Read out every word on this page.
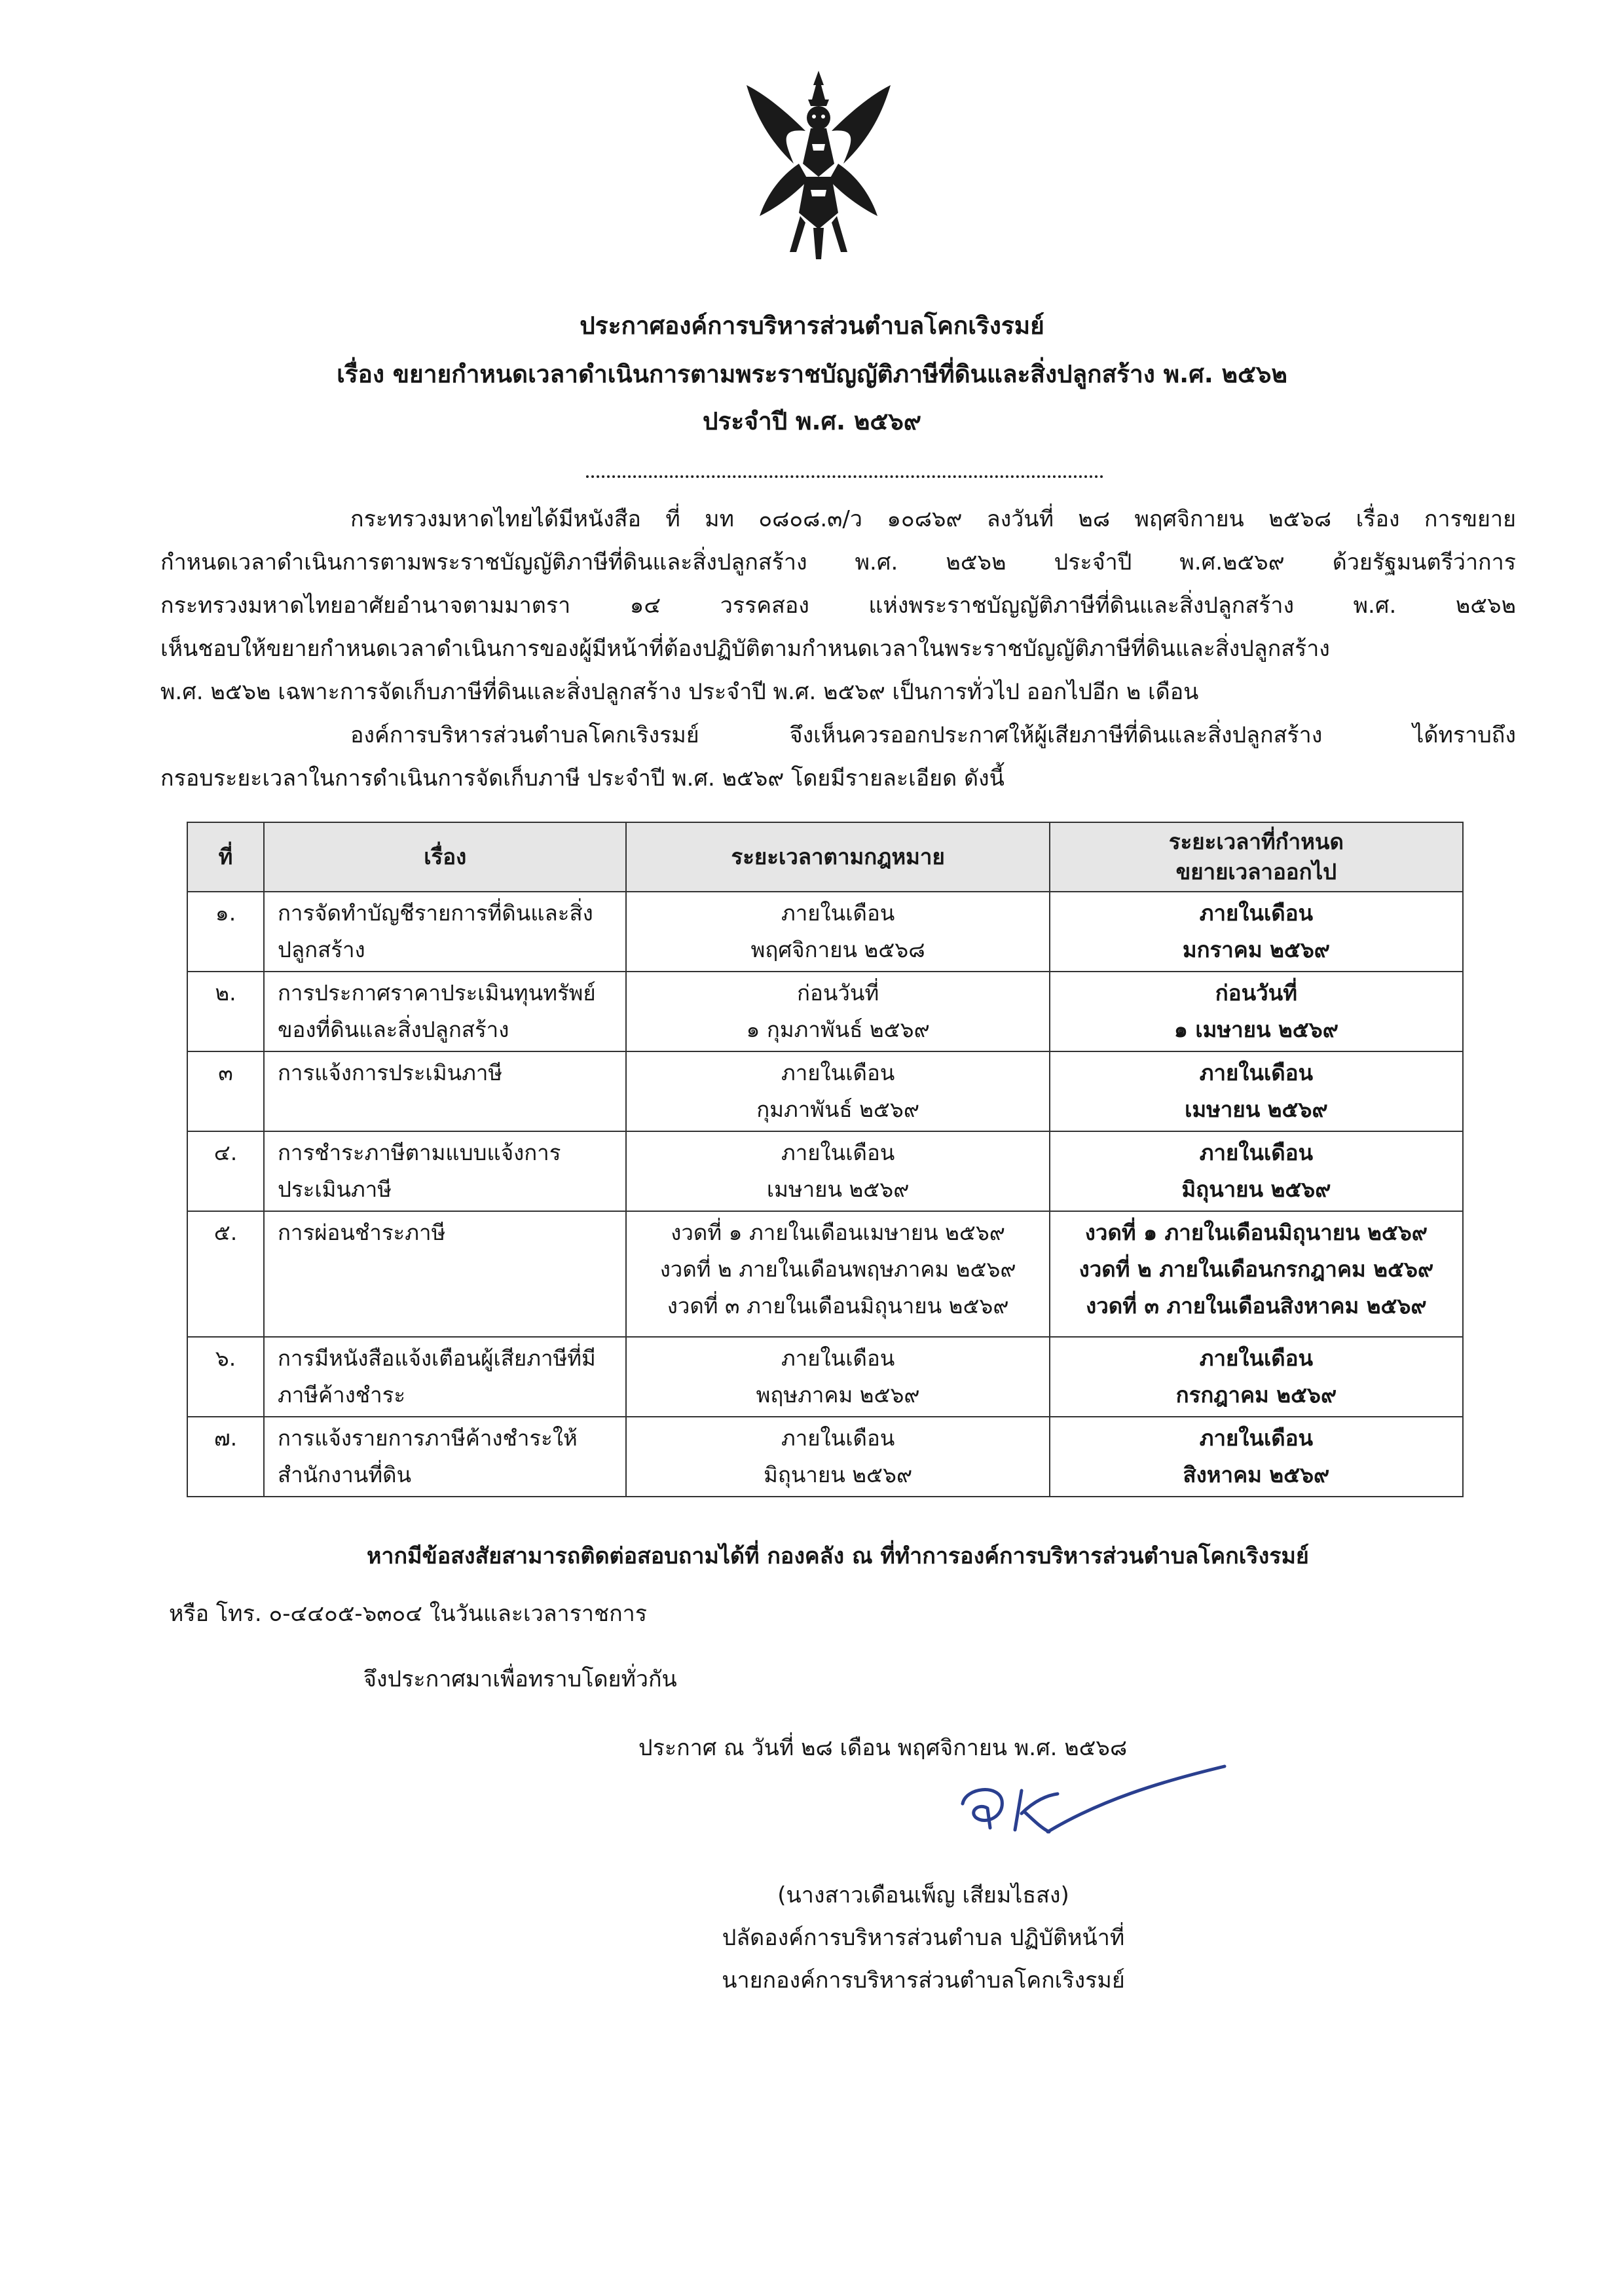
ประกาศองค์การบริหารส่วนตำบลโคกเริงรมย์
เรื่อง ขยายกำหนดเวลาดำเนินการตามพระราชบัญญัติภาษีที่ดินและสิ่งปลูกสร้าง พ.ศ. ๒๕๖๒
ประจำปี พ.ศ. ๒๕๖๙
กระทรวงมหาดไทยได้มีหนังสือ ที่ มท ๐๘๐๘.๓/ว ๑๐๘๖๙ ลงวันที่ ๒๘ พฤศจิกายน ๒๕๖๘ เรื่อง การขยาย
กำหนดเวลาดำเนินการตามพระราชบัญญัติภาษีที่ดินและสิ่งปลูกสร้าง พ.ศ. ๒๕๖๒ ประจำปี พ.ศ.๒๕๖๙ ด้วยรัฐมนตรีว่าการ
กระทรวงมหาดไทยอาศัยอำนาจตามมาตรา ๑๔ วรรคสอง แห่งพระราชบัญญัติภาษีที่ดินและสิ่งปลูกสร้าง พ.ศ. ๒๕๖๒
เห็นชอบให้ขยายกำหนดเวลาดำเนินการของผู้มีหน้าที่ต้องปฏิบัติตามกำหนดเวลาในพระราชบัญญัติภาษีที่ดินและสิ่งปลูกสร้าง
พ.ศ. ๒๕๖๒ เฉพาะการจัดเก็บภาษีที่ดินและสิ่งปลูกสร้าง ประจำปี พ.ศ. ๒๕๖๙ เป็นการทั่วไป ออกไปอีก ๒ เดือน
องค์การบริหารส่วนตำบลโคกเริงรมย์ จึงเห็นควรออกประกาศให้ผู้เสียภาษีที่ดินและสิ่งปลูกสร้าง ได้ทราบถึง
กรอบระยะเวลาในการดำเนินการจัดเก็บภาษี ประจำปี พ.ศ. ๒๕๖๙ โดยมีรายละเอียด ดังนี้
ที่	เรื่อง	ระยะเวลาตามกฎหมาย	ระยะเวลาที่กำหนด
ขยายเวลาออกไป

๑.	การจัดทำบัญชีรายการที่ดินและสิ่ง
ปลูกสร้าง	ภายในเดือน
พฤศจิกายน ๒๕๖๘	ภายในเดือน
มกราคม ๒๕๖๙

๒.	การประกาศราคาประเมินทุนทรัพย์
ของที่ดินและสิ่งปลูกสร้าง	ก่อนวันที่
๑ กุมภาพันธ์ ๒๕๖๙	ก่อนวันที่
๑ เมษายน ๒๕๖๙

๓	การแจ้งการประเมินภาษี	ภายในเดือน
กุมภาพันธ์ ๒๕๖๙	ภายในเดือน
เมษายน ๒๕๖๙

๔.	การชำระภาษีตามแบบแจ้งการ
ประเมินภาษี	ภายในเดือน
เมษายน ๒๕๖๙	ภายในเดือน
มิถุนายน ๒๕๖๙

๕.	การผ่อนชำระภาษี	งวดที่ ๑ ภายในเดือนเมษายน ๒๕๖๙
งวดที่ ๒ ภายในเดือนพฤษภาคม ๒๕๖๙
งวดที่ ๓ ภายในเดือนมิถุนายน ๒๕๖๙	งวดที่ ๑ ภายในเดือนมิถุนายน ๒๕๖๙
งวดที่ ๒ ภายในเดือนกรกฎาคม ๒๕๖๙
งวดที่ ๓ ภายในเดือนสิงหาคม ๒๕๖๙

๖.	การมีหนังสือแจ้งเตือนผู้เสียภาษีที่มี
ภาษีค้างชำระ	ภายในเดือน
พฤษภาคม ๒๕๖๙	ภายในเดือน
กรกฎาคม ๒๕๖๙

๗.	การแจ้งรายการภาษีค้างชำระให้
สำนักงานที่ดิน	ภายในเดือน
มิถุนายน ๒๕๖๙	ภายในเดือน
สิงหาคม ๒๕๖๙

หากมีข้อสงสัยสามารถติดต่อสอบถามได้ที่ กองคลัง ณ ที่ทำการองค์การบริหารส่วนตำบลโคกเริงรมย์

หรือ โทร. ๐-๔๔๐๕-๖๓๐๔ ในวันและเวลาราชการ

จึงประกาศมาเพื่อทราบโดยทั่วกัน

ประกาศ ณ วันที่ ๒๘ เดือน พฤศจิกายน พ.ศ. ๒๕๖๘

(นางสาวเดือนเพ็ญ เสียมไธสง)
ปลัดองค์การบริหารส่วนตำบล ปฏิบัติหน้าที่
นายกองค์การบริหารส่วนตำบลโคกเริงรมย์
